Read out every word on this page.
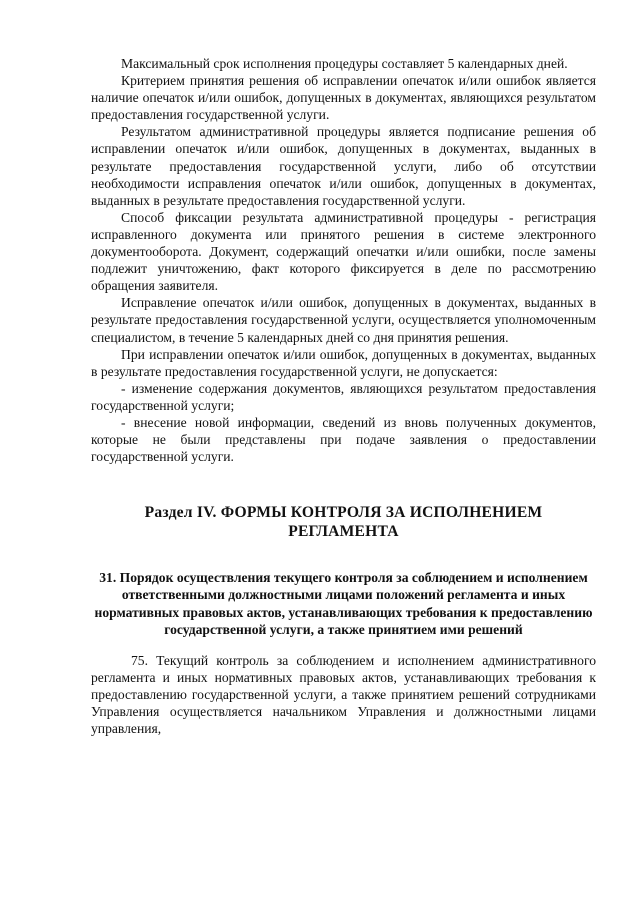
Максимальный срок исполнения процедуры составляет 5 календарных дней.

Критерием принятия решения об исправлении опечаток и/или ошибок является наличие опечаток и/или ошибок, допущенных в документах, являющихся результатом предоставления государственной услуги.

Результатом административной процедуры является подписание решения об исправлении опечаток и/или ошибок, допущенных в документах, выданных в результате предоставления государственной услуги, либо об отсутствии необходимости исправления опечаток и/или ошибок, допущенных в документах, выданных в результате предоставления государственной услуги.

Способ фиксации результата административной процедуры - регистрация исправленного документа или принятого решения в системе электронного документооборота. Документ, содержащий опечатки и/или ошибки, после замены подлежит уничтожению, факт которого фиксируется в деле по рассмотрению обращения заявителя.

Исправление опечаток и/или ошибок, допущенных в документах, выданных в результате предоставления государственной услуги, осуществляется уполномоченным специалистом, в течение 5 календарных дней со дня принятия решения.

При исправлении опечаток и/или ошибок, допущенных в документах, выданных в результате предоставления государственной услуги, не допускается:

- изменение содержания документов, являющихся результатом предоставления государственной услуги;

- внесение новой информации, сведений из вновь полученных документов, которые не были представлены при подаче заявления о предоставлении государственной услуги.

Раздел IV. ФОРМЫ КОНТРОЛЯ ЗА ИСПОЛНЕНИЕМ РЕГЛАМЕНТА
31. Порядок осуществления текущего контроля за соблюдением и исполнением ответственными должностными лицами положений регламента и иных нормативных правовых актов, устанавливающих требования к предоставлению государственной услуги, а также принятием ими решений

75. Текущий контроль за соблюдением и исполнением административного регламента и иных нормативных правовых актов, устанавливающих требования к предоставлению государственной услуги, а также принятием решений сотрудниками Управления осуществляется начальником Управления и должностными лицами управления,
